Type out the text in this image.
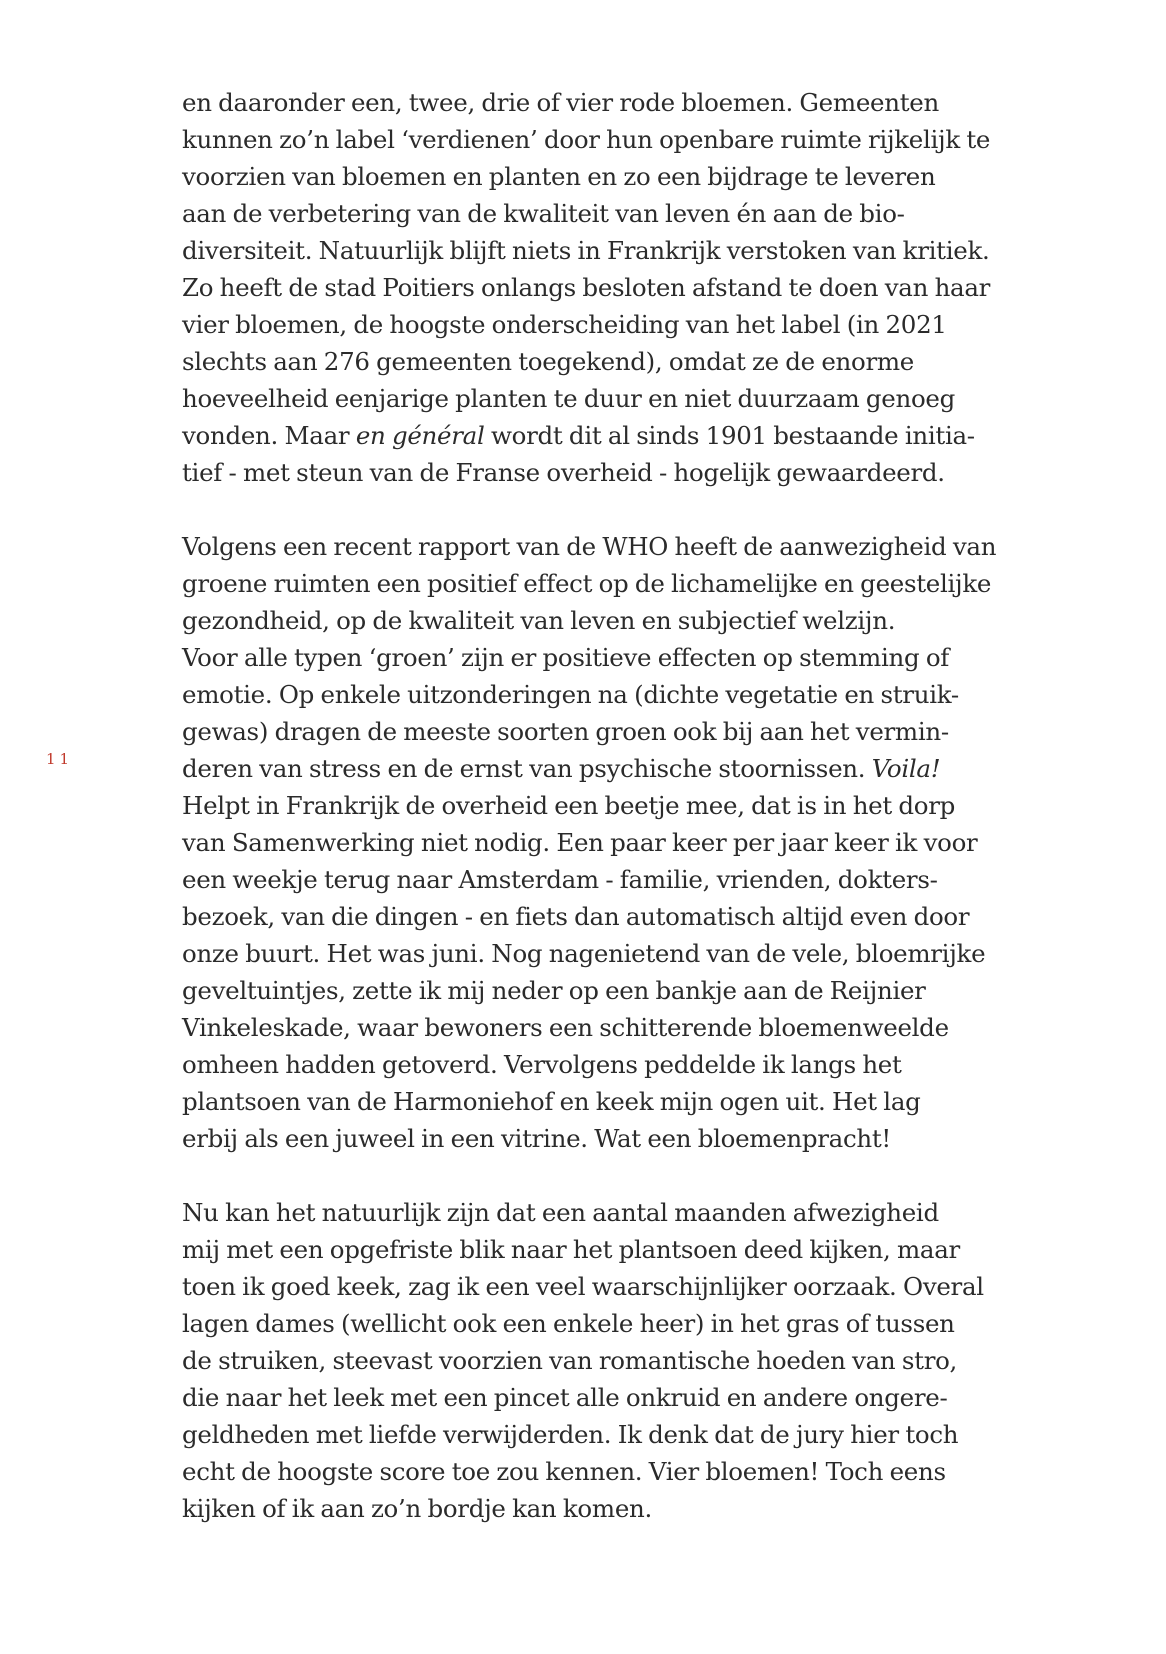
11

en daaronder een, twee, drie of vier rode bloemen. Gemeenten
kunnen zo’n label ‘verdienen’ door hun openbare ruimte rijkelijk te
voorzien van bloemen en planten en zo een bijdrage te leveren
aan de verbetering van de kwaliteit van leven én aan de bio-
diversiteit. Natuurlijk blijft niets in Frankrijk verstoken van kritiek.
Zo heeft de stad Poitiers onlangs besloten afstand te doen van haar
vier bloemen, de hoogste onderscheiding van het label (in 2021
slechts aan 276 gemeenten toegekend), omdat ze de enorme
hoeveelheid eenjarige planten te duur en niet duurzaam genoeg
vonden. Maar en général wordt dit al sinds 1901 bestaande initia-
tief - met steun van de Franse overheid - hogelijk gewaardeerd.

Volgens een recent rapport van de WHO heeft de aanwezigheid van
groene ruimten een positief effect op de lichamelijke en geestelijke
gezondheid, op de kwaliteit van leven en subjectief welzijn.
Voor alle typen ‘groen’ zijn er positieve effecten op stemming of
emotie. Op enkele uitzonderingen na (dichte vegetatie en struik-
gewas) dragen de meeste soorten groen ook bij aan het vermin-
deren van stress en de ernst van psychische stoornissen. Voila!
Helpt in Frankrijk de overheid een beetje mee, dat is in het dorp
van Samenwerking niet nodig. Een paar keer per jaar keer ik voor
een weekje terug naar Amsterdam - familie, vrienden, dokters-
bezoek, van die dingen - en fiets dan automatisch altijd even door
onze buurt. Het was juni. Nog nagenietend van de vele, bloemrijke
geveltuintjes, zette ik mij neder op een bankje aan de Reijnier
Vinkeleskade, waar bewoners een schitterende bloemenweelde
omheen hadden getoverd. Vervolgens peddelde ik langs het
plantsoen van de Harmoniehof en keek mijn ogen uit. Het lag
erbij als een juweel in een vitrine. Wat een bloemenpracht!

Nu kan het natuurlijk zijn dat een aantal maanden afwezigheid
mij met een opgefriste blik naar het plantsoen deed kijken, maar
toen ik goed keek, zag ik een veel waarschijnlijker oorzaak. Overal
lagen dames (wellicht ook een enkele heer) in het gras of tussen
de struiken, steevast voorzien van romantische hoeden van stro,
die naar het leek met een pincet alle onkruid en andere ongere-
geldheden met liefde verwijderden. Ik denk dat de jury hier toch
echt de hoogste score toe zou kennen. Vier bloemen! Toch eens
kijken of ik aan zo’n bordje kan komen.
